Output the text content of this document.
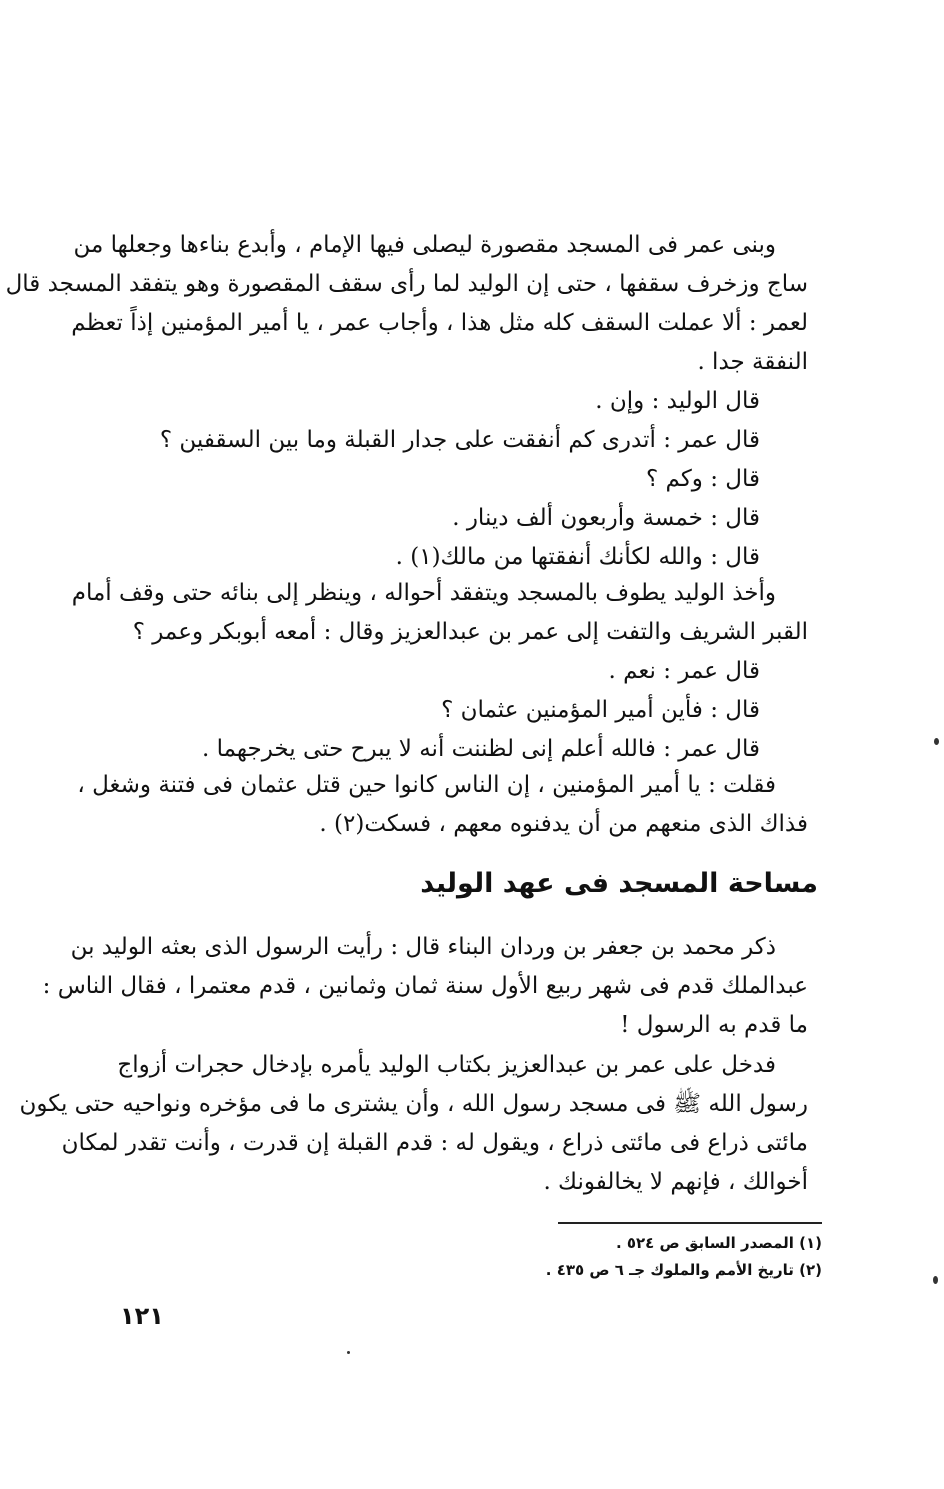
وبنى عمر فى المسجد مقصورة ليصلى فيها الإمام ، وأبدع بناءها وجعلها من
ساج وزخرف سقفها ، حتى إن الوليد لما رأى سقف المقصورة وهو يتفقد المسجد قال
لعمر : ألا عملت السقف كله مثل هذا ، وأجاب عمر ، يا أمير المؤمنين إذاً تعظم
النفقة جدا .
قال الوليد : وإن .
قال عمر : أتدرى كم أنفقت على جدار القبلة وما بين السقفين ؟
قال : وكم ؟
قال : خمسة وأربعون ألف دينار .
قال : والله لكأنك أنفقتها من مالك(١) .
وأخذ الوليد يطوف بالمسجد ويتفقد أحواله ، وينظر إلى بنائه حتى وقف أمام
القبر الشريف والتفت إلى عمر بن عبدالعزيز وقال : أمعه أبوبكر وعمر ؟
قال عمر : نعم .
قال : فأين أمير المؤمنين عثمان ؟
قال عمر : فالله أعلم إنى لظننت أنه لا يبرح حتى يخرجهما .
فقلت : يا أمير المؤمنين ، إن الناس كانوا حين قتل عثمان فى فتنة وشغل ،
فذاك الذى منعهم من أن يدفنوه معهم ، فسكت(٢) .
مساحة المسجد فى عهد الوليد
ذكر محمد بن جعفر بن وردان البناء قال : رأيت الرسول الذى بعثه الوليد بن
عبدالملك قدم فى شهر ربيع الأول سنة ثمان وثمانين ، قدم معتمرا ، فقال الناس :
ما قدم به الرسول !
فدخل على عمر بن عبدالعزيز بكتاب الوليد يأمره بإدخال حجرات أزواج
رسول الله ﷺ فى مسجد رسول الله ، وأن يشترى ما فى مؤخره ونواحيه حتى يكون
مائتى ذراع فى مائتى ذراع ، ويقول له : قدم القبلة إن قدرت ، وأنت تقدر لمكان
أخوالك ، فإنهم لا يخالفونك .
(١) المصدر السابق ص ٥٢٤ .
(٢) تاريخ الأمم والملوك جـ ٦ ص ٤٣٥ .
١٢١
